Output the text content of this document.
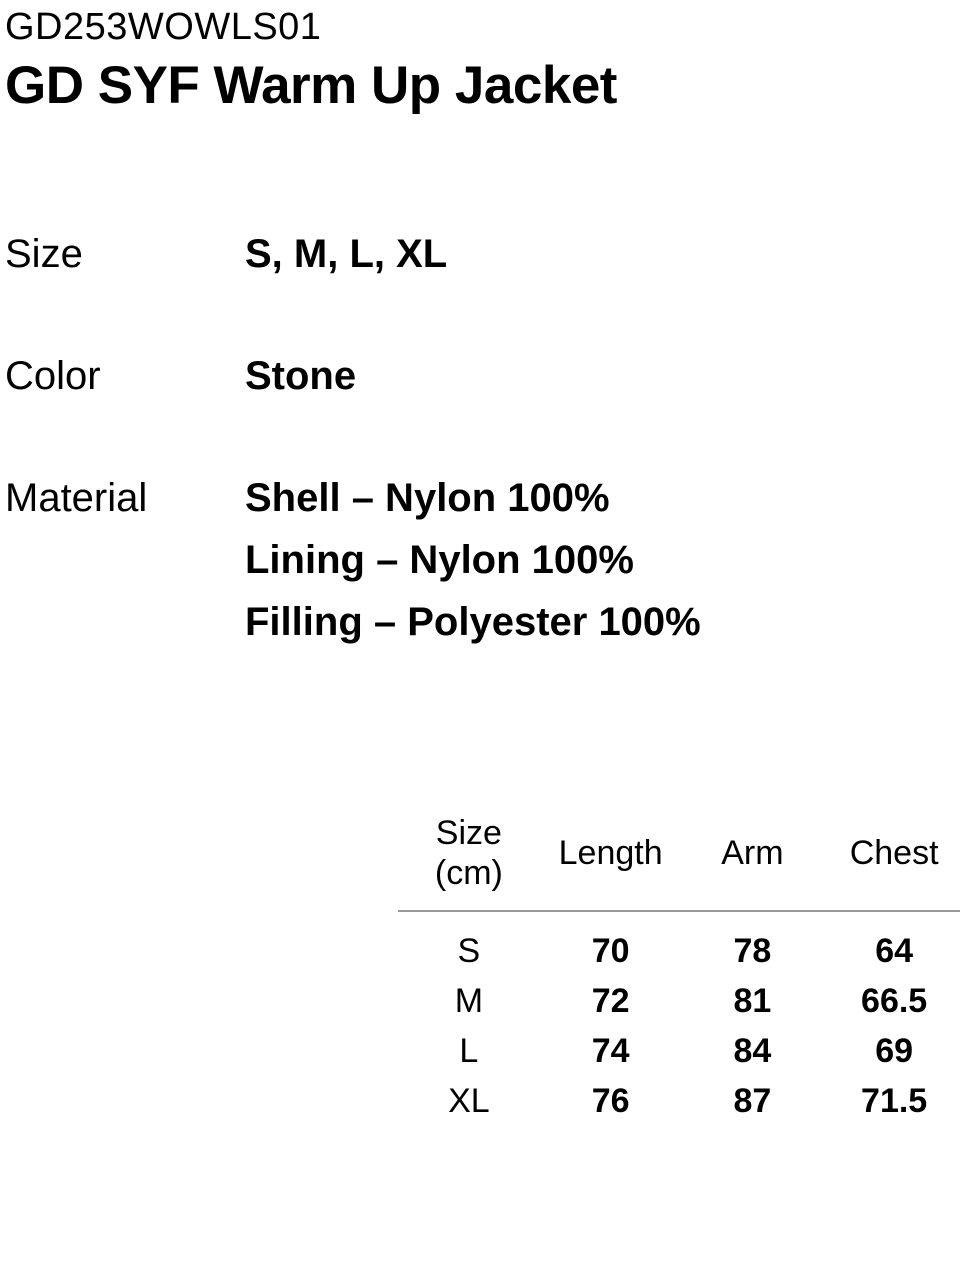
GD253WOWLS01
GD SYF Warm Up Jacket
Size	S, M, L, XL
Color	Stone
Material	Shell – Nylon 100%
Lining – Nylon 100%
Filling – Polyester 100%
Size (cm)	Length	Arm	Chest
S	70	78	64
M	72	81	66.5
L	74	84	69
XL	76	87	71.5
